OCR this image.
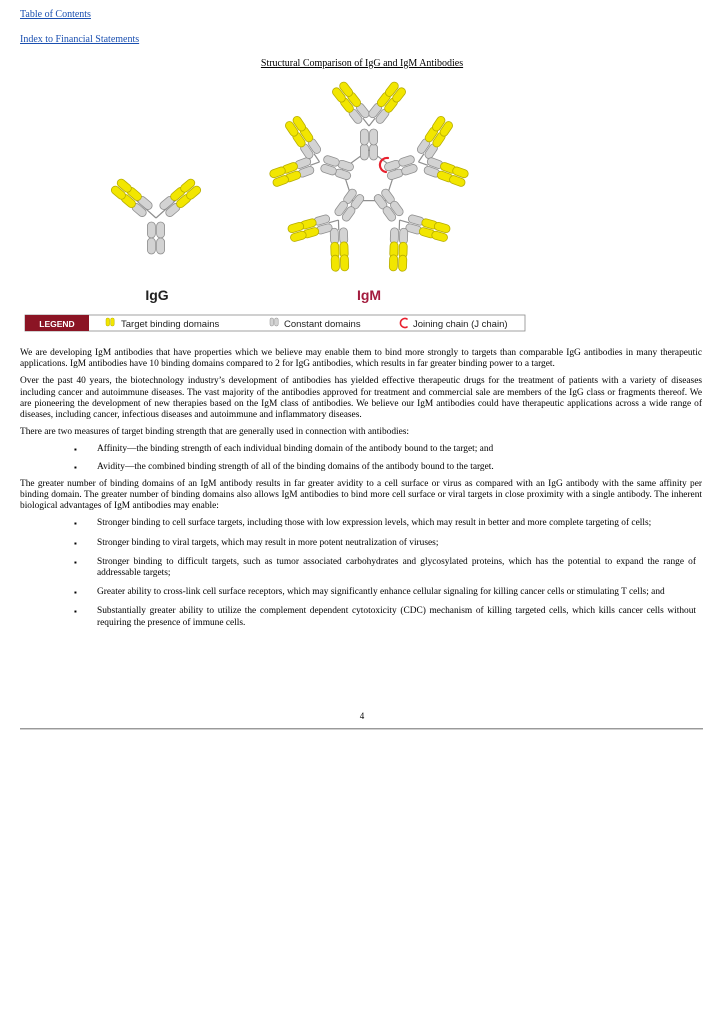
Table of Contents
Index to Financial Statements
Structural Comparison of IgG and IgM Antibodies
IgG	IgM
LEGEND	Target binding domains	Constant domains	Joining chain (J chain)

We are developing IgM antibodies that have properties which we believe may enable them to bind more strongly to targets than comparable IgG antibodies in many therapeutic applications. IgM antibodies have 10 binding domains compared to 2 for IgG antibodies, which results in far greater binding power to a target.

Over the past 40 years, the biotechnology industry’s development of antibodies has yielded effective therapeutic drugs for the treatment of patients with a variety of diseases including cancer and autoimmune diseases. The vast majority of the antibodies approved for treatment and commercial sale are members of the IgG class or fragments thereof. We are pioneering the development of new therapies based on the IgM class of antibodies. We believe our IgM antibodies could have therapeutic applications across a wide range of diseases, including cancer, infectious diseases and autoimmune and inflammatory diseases.

There are two measures of target binding strength that are generally used in connection with antibodies:

▪ Affinity—the binding strength of each individual binding domain of the antibody bound to the target; and
▪ Avidity—the combined binding strength of all of the binding domains of the antibody bound to the target.

The greater number of binding domains of an IgM antibody results in far greater avidity to a cell surface or virus as compared with an IgG antibody with the same affinity per binding domain. The greater number of binding domains also allows IgM antibodies to bind more cell surface or viral targets in close proximity with a single antibody. The inherent biological advantages of IgM antibodies may enable:

▪ Stronger binding to cell surface targets, including those with low expression levels, which may result in better and more complete targeting of cells;
▪ Stronger binding to viral targets, which may result in more potent neutralization of viruses;
▪ Stronger binding to difficult targets, such as tumor associated carbohydrates and glycosylated proteins, which has the potential to expand the range of addressable targets;
▪ Greater ability to cross-link cell surface receptors, which may significantly enhance cellular signaling for killing cancer cells or stimulating T cells; and
▪ Substantially greater ability to utilize the complement dependent cytotoxicity (CDC) mechanism of killing targeted cells, which kills cancer cells without requiring the presence of immune cells.
4
